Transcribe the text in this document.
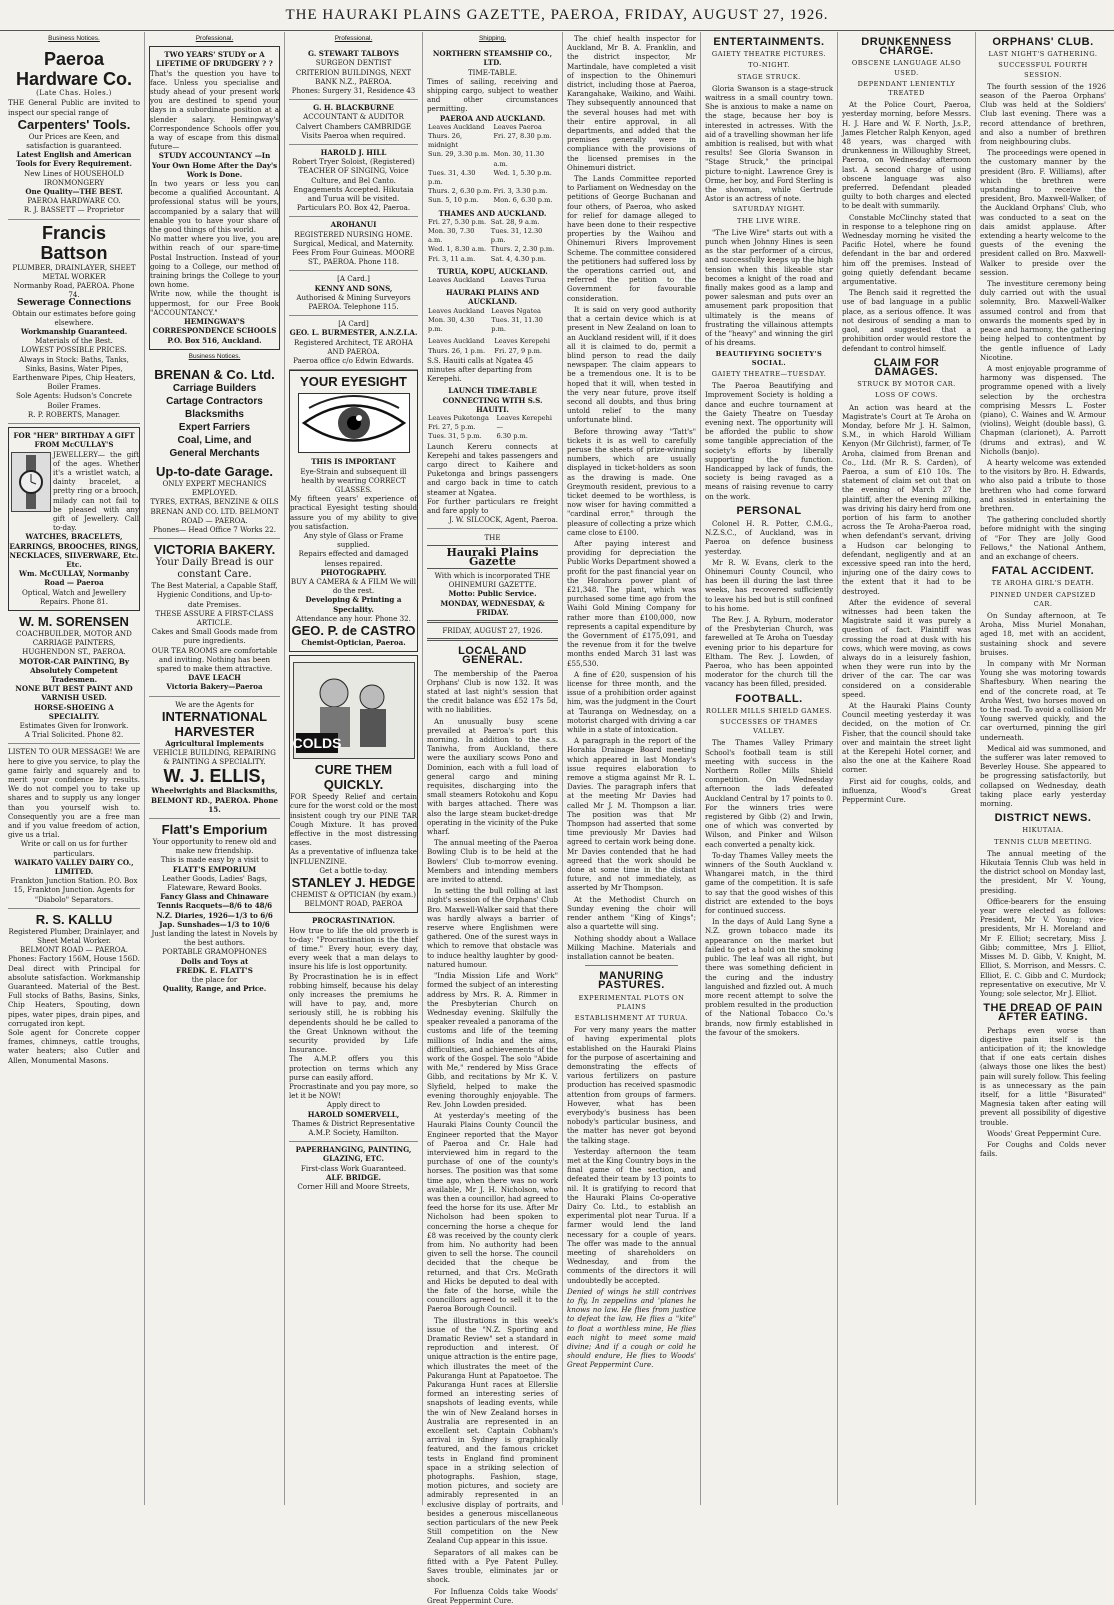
THE HAURAKI PLAINS GAZETTE, PAEROA, FRIDAY, AUGUST 27, 1926.
Business Notices.
Paeroa Hardware Co.
(Late Chas. Holes.)
THE General Public are invited to inspect our special range of
Carpenters' Tools.
Our Prices are Keen, and satisfaction is guaranteed.
Latest English and American Tools for Every Requirement.
New Lines of HOUSEHOLD IRONMONGERY
One Quality—THE BEST.
PAEROA HARDWARE CO.
R. J. BASSETT — Proprietor
Francis Battson
PLUMBER, DRAINLAYER, SHEET METAL WORKER
Normanby Road, PAEROA. Phone 74.
Sewerage Connections
Obtain our estimates before going elsewhere.
Workmanship Guaranteed.
Materials of the Best.
LOWEST POSSIBLE PRICES.
Always in Stock: Baths, Tanks, Sinks, Basins, Water Pipes, Earthenware Pipes, Chip Heaters, Boiler Frames.
Sole Agents: Hudson's Concrete Boiler Frames.
R. P. ROBERTS, Manager.
FOR "HER" BIRTHDAY A GIFT FROM McCULLAY'S
JEWELLERY— the gift of the ages. Whether it's a wristlet watch, a dainty bracelet, a pretty ring or a brooch, milady can not fail to be pleased with any gift of Jewellery. Call to-day.
WATCHES, BRACELETS, EARRINGS, BROOCHES, RINGS, NECKLACES, SILVERWARE, Etc. Etc.
Wm. McCULLAY, Normanby Road — Paeroa
Optical, Watch and Jewellery Repairs. Phone 81.
W. M. SORENSEN
COACHBUILDER, MOTOR AND CARRIAGE PAINTERS, HUGHENDON ST., PAEROA.
MOTOR-CAR PAINTING, By Absolutely Competent Tradesmen.
NONE BUT BEST PAINT AND VARNISH USED.
HORSE-SHOEING A SPECIALITY.
Estimates Given for Ironwork.
A Trial Solicited. Phone 82.
LISTEN TO OUR MESSAGE! We are here to give you service, to play the game fairly and squarely and to merit your confidence by results. We do not compel you to take up shares and to supply us any longer than you yourself wish to. Consequently you are a free man and if you value freedom of action, give us a trial.
Write or call on us for further particulars.
WAIKATO VALLEY DAIRY CO., LIMITED.
Frankton Junction Station. P.O. Box 15, Frankton Junction. Agents for "Diabolo" Separators.
R. S. KALLU
Registered Plumber, Drainlayer, and Sheet Metal Worker.
BELMONT ROAD — PAEROA. Phones: Factory 156M, House 156D.
Deal direct with Principal for absolute satisfaction. Workmanship Guaranteed. Material of the Best. Full stocks of Baths, Basins, Sinks, Chip Heaters, Spouting, down pipes, water pipes, drain pipes, and corrugated iron kept.
Sole agent for Concrete copper frames, chimneys, cattle troughs, water heaters; also Cutler and Allen, Monumental Masons.
Professional.
TWO YEARS' STUDY or A LIFETIME OF DRUDGERY ? ?
That's the question you have to face. Unless you specialise and study ahead of your present work you are destined to spend your days in a subordinate position at a slender salary. Hemingway's Correspondence Schools offer you a way of escape from this dismal future—
STUDY ACCOUNTANCY —In Your Own Home After the Day's Work is Done.
In two years or less you can become a qualified Accountant. A professional status will be yours, accompanied by a salary that will enable you to have your share of the good things of this world.
No matter where you live, you are within reach of our spare-time Postal Instruction. Instead of your going to a College, our method of training brings the College to your own home.
Write now, while the thought is uppermost, for our Free Book "ACCOUNTANCY."
HEMINGWAY'S CORRESPONDENCE SCHOOLS P.O. Box 516, Auckland.
Business Notices.
BRENAN & Co. Ltd.
Carriage Builders
Cartage Contractors
Blacksmiths
Expert Farriers
Coal, Lime, and
General Merchants
Up-to-date Garage.
ONLY EXPERT MECHANICS EMPLOYED.
TYRES, EXTRAS, BENZINE & OILS
BRENAN AND CO. LTD. BELMONT ROAD — PAEROA.
Phones— Head Office 7 Works 22.
VICTORIA BAKERY.
Your Daily Bread is our constant Care.
The Best Material, a Capable Staff, Hygienic Conditions, and Up-to-date Premises.
THESE ASSURE A FIRST-CLASS ARTICLE.
Cakes and Small Goods made from pure ingredients.
OUR TEA ROOMS are comfortable and inviting. Nothing has been spared to make them attractive.
DAVE LEACH
Victoria Bakery—Paeroa
We are the Agents for
INTERNATIONAL HARVESTER
Agricultural Implements
VEHICLE BUILDING, REPAIRING & PAINTING A SPECIALITY.
W. J. ELLIS,
Wheelwrights and Blacksmiths,
BELMONT RD., PAEROA. Phone 15.
Flatt's Emporium
Your opportunity to renew old and make new friendship.
This is made easy by a visit to
FLATT'S EMPORIUM
Leather Goods, Ladies' Bags, Flateware, Reward Books.
Fancy Glass and Chinaware
Tennis Racquets—8/6 to 48/6
N.Z. Diaries, 1926—1/3 to 6/6
Jap. Sunshades—1/3 to 10/6
Just landing the latest in Novels by the best authors.
PORTABLE GRAMOPHONES
Dolls and Toys at
FREDK. E. FLATT'S
the place for
Quality, Range, and Price.
Professional.
G. STEWART TALBOYS
SURGEON DENTIST
CRITERION BUILDINGS, NEXT BANK N.Z., PAEROA.
Phones: Surgery 31, Residence 43
G. H. BLACKBURNE
ACCOUNTANT & AUDITOR
Calvert Chambers CAMBRIDGE
Visits Paeroa when required.
HAROLD J. HILL
Robert Tryer Soloist, (Registered)
TEACHER OF SINGING, Voice Culture, and Bel Canto.
Engagements Accepted. Hikutaia and Turua will be visited. Particulars P.O. Box 42, Paeroa.
AROHANUI
REGISTERED NURSING HOME. Surgical, Medical, and Maternity. Fees From Four Guineas. MOORE ST., PAEROA. Phone 118.
[A Card.]
KENNY AND SONS,
Authorised & Mining Surveyors PAEROA. Telephone 115.
[A Card]
GEO. L. BURMESTER, A.N.Z.I.A.
Registered Architect, TE AROHA AND PAEROA.
Paeroa office c/o Edwin Edwards.
YOUR EYESIGHT
THIS IS IMPORTANT
Eye-Strain and subsequent ill health by wearing CORRECT GLASSES.
My fifteen years' experience of practical Eyesight testing should assure you of my ability to give you satisfaction.
Any style of Glass or Frame supplied.
Repairs effected and damaged lenses repaired.
PHOTOGRAPHY.
BUY A CAMERA & A FILM We will do the rest.
Developing & Printing a Speciality.
Attendance any hour. Phone 32.
GEO. P. de CASTRO
Chemist-Optician, Paeroa.
COLDS
CURE THEM QUICKLY.
FOR Speedy Relief and certain cure for the worst cold or the most insistent cough try our PINE TAR Cough Mixture. It has proved effective in the most distressing cases.
As a preventative of influenza take INFLUENZINE.
Get a bottle to-day.
STANLEY J. HEDGE
CHEMIST & OPTICIAN (by exam.)
BELMONT ROAD, PAEROA
PROCRASTINATION.
How true to life the old proverb is to-day: "Procrastination is the thief of time." Every hour, every day, every week that a man delays to insure his life is lost opportunity.
By Procrastination he is in effect robbing himself, because his delay only increases the premiums he will have to pay, and, more seriously still, he is robbing his dependents should he be called to the Great Unknown without the security provided by Life Insurance.
The A.M.P. offers you this protection on terms which any purse can easily afford.
Procrastinate and you pay more, so let it be NOW!
Apply direct to
HAROLD SOMERVELL,
Thames & District Representative A.M.P. Society, Hamilton.
PAPERHANGING, PAINTING, GLAZING, ETC.
First-class Work Guaranteed.
ALF. BRIDGE.
Corner Hill and Moore Streets,
Shipping.
NORTHERN STEAMSHIP CO., LTD.
TIME-TABLE.
Times of sailing, receiving and shipping cargo, subject to weather and other circumstances permitting.
PAEROA AND AUCKLAND.
Leaves Auckland	Leaves Paeroa
Thurs. 26, midnight	Fri. 27, 8.30 p.m.
Sun. 29, 3.30 p.m.	Mon. 30, 11.30 a.m.
Tues. 31, 4.30 p.m.	Wed. 1, 5.30 p.m.
Thurs. 2, 6.30 p.m.	Fri. 3, 3.30 p.m.
Sun. 5, 10 p.m.	Mon. 6, 6.30 p.m.
THAMES AND AUCKLAND.
Fri. 27, 5.30 p.m.	Sat. 28, 9 a.m.
Mon. 30, 7.30 a.m.	Tues. 31, 12.30 p.m.
Wed. 1, 8.30 a.m.	Thurs. 2, 2.30 p.m.
Fri. 3, 11 a.m.	Sat. 4, 4.30 p.m.
TURUA, KOPU, AUCKLAND.
Leaves Auckland	Leaves Turua
HAURAKI PLAINS AND AUCKLAND.
Leaves Auckland	Leaves Ngatea
Mon. 30, 4.30 p.m.	Tues. 31, 11.30 p.m.
Leaves Auckland	Leaves Kerepehi
Thurs. 26, 1 p.m.	Fri. 27, 9 p.m.
S.S. Hauiti calls at Ngatea 45 minutes after departing from Kerepehi.
LAUNCH TIME-TABLE CONNECTING WITH S.S. HAUITI.
Leaves Puketonga	Leaves Kerepehi
Fri. 27, 5 p.m.	—
Tues. 31, 5 p.m.	6.30 p.m.
Launch Kereru connects at Kerepehi and takes passengers and cargo direct to Kaihere and Puketonga and brings passengers and cargo back in time to catch steamer at Ngatea.
For further particulars re freight and fare apply to
J. W. SILCOCK, Agent, Paeroa.
THE
Hauraki Plains Gazette
With which is incorporated THE OHINEMURI GAZETTE.
Motto: Public Service.
MONDAY, WEDNESDAY, & FRIDAY.
FRIDAY, AUGUST 27, 1926.
LOCAL AND GENERAL.

The membership of the Paeroa Orphans' Club is now 132. It was stated at last night's session that the credit balance was £52 17s 5d, with no liabilities.

An unusually busy scene prevailed at Paeroa's port this morning. In addition to the s.s. Taniwha, from Auckland, there were the auxiliary scows Pono and Dominion, each with a full load of general cargo and mining requisites, discharging into the small steamers Rotokohu and Kopu with barges attached. There was also the large steam bucket-dredge operating in the vicinity of the Puke wharf.

The annual meeting of the Paeroa Bowling Club is to be held at the Bowlers' Club to-morrow evening. Members and intending members are invited to attend.

In setting the bull rolling at last night's session of the Orphans' Club Bro. Maxwell-Walker said that there was hardly always a barrier of reserve where Englishmen were gathered. One of the surest ways in which to remove that obstacle was to induce healthy laughter by good-natured humour.

"India Mission Life and Work" formed the subject of an interesting address by Mrs. R. A. Rimmer in the Presbyterian Church on Wednesday evening. Skilfully the speaker revealed a panorama of the customs and life of the teeming millions of India and the aims, difficulties, and achievements of the work of the Gospel. The solo "Abide with Me," rendered by Miss Grace Gibb, and recitations by Mr K. V. Slyfield, helped to make the evening thoroughly enjoyable. The Rev. John Lowden presided.

At yesterday's meeting of the Hauraki Plains County Council the Engineer reported that the Mayor of Paeroa and Cr. Hale had interviewed him in regard to the purchase of one of the county's horses. The position was that some time ago, when there was no work available, Mr J. H. Nicholson, who was then a councillor, had agreed to feed the horse for its use. After Mr Nicholson had been spoken to concerning the horse a cheque for £8 was received by the county clerk from him. No authority had been given to sell the horse. The council decided that the cheque be returned, and that Crs. McGrath and Hicks be deputed to deal with the fate of the horse, while the councillors agreed to sell it to the Paeroa Borough Council.

The illustrations in this week's issue of the "N.Z. Sporting and Dramatic Review" set a standard in reproduction and interest. Of unique attraction is the entire page, which illustrates the meet of the Pakuranga Hunt at Papatoetoe. The Pakuranga Hunt races at Ellerslie formed an interesting series of snapshots of leading events, while the win of New Zealand horses in Australia are represented in an excellent set. Captain Cobham's arrival in Sydney is graphically featured, and the famous cricket tests in England find prominent space in a striking selection of photographs. Fashion, stage, motion pictures, and society are admirably represented in an exclusive display of portraits, and besides a generous miscellaneous section particulars of the new Peek Still competition on the New Zealand Cup appear in this issue.

Separators of all makes can be fitted with a Pye Patent Pulley. Saves trouble, eliminates jar or shock.

For Influenza Colds take Woods' Great Peppermint Cure.

The chief health inspector for Auckland, Mr B. A. Franklin, and the district inspector, Mr Martindale, have completed a visit of inspection to the Ohinemuri district, including those at Paeroa, Karangahake, Waikino, and Waihi. They subsequently announced that the several houses had met with their entire approval, in all departments, and added that the premises generally were in compliance with the provisions of the licensed premises in the Ohinemuri district.

The Lands Committee reported to Parliament on Wednesday on the petitions of George Buchanan and four others, of Paeroa, who asked for relief for damage alleged to have been done to their respective properties by the Waihou and Ohinemuri Rivers Improvement Scheme. The committee considered the petitioners had suffered loss by the operations carried out, and referred the petition to the Government for favourable consideration.

It is said on very good authority that a certain device which is at present in New Zealand on loan to an Auckland resident will, if it does all it is claimed to do, permit a blind person to read the daily newspaper. The claim appears to be a tremendous one. It is to be hoped that it will, when tested in the very near future, prove itself second all doubts, and thus bring untold relief to the many unfortunate blind.

Before throwing away "Tatt's" tickets it is as well to carefully peruse the sheets of prize-winning numbers, which are usually displayed in ticket-holders as soon as the drawing is made. One Greymouth resident, previous to a ticket deemed to be worthless, is now wiser for having committed a "cardinal error," through the pleasure of collecting a prize which came close to £100.

After paying interest and providing for depreciation the Public Works Department showed a profit for the past financial year on the Horahora power plant of £21,348. The plant, which was purchased some time ago from the Waihi Gold Mining Company for rather more than £100,000, now represents a capital expenditure by the Government of £175,091, and the revenue from it for the twelve months ended March 31 last was £55,530.

A fine of £20, suspension of his license for three month, and the issue of a prohibition order against him, was the judgment in the Court at Tauranga on Wednesday, on a motorist charged with driving a car while in a state of intoxication.

A paragraph in the report of the Horahia Drainage Board meeting which appeared in last Monday's issue requires elaboration to remove a stigma against Mr R. L. Davies. The paragraph infers that at the meeting Mr Davies had called Mr J. M. Thompson a liar. The position was that Mr Thompson had asserted that some time previously Mr Davies had agreed to certain work being done. Mr Davies contended that he had agreed that the work should be done at some time in the distant future, and not immediately, as asserted by Mr Thompson.

At the Methodist Church on Sunday evening the choir will render anthem "King of Kings"; also a quartette will sing.

Nothing shoddy about a Wallace Milking Machine. Materials and installation cannot be beaten.

MANURING PASTURES.
EXPERIMENTAL PLOTS ON PLAINS
ESTABLISHMENT AT TURUA.

For very many years the matter of having experimental plots established on the Hauraki Plains for the purpose of ascertaining and demonstrating the effects of various fertilizers on pasture production has received spasmodic attention from groups of farmers. However, what has been everybody's business has been nobody's particular business, and the matter has never got beyond the talking stage.

Yesterday afternoon the team met at the King Country boys in the final game of the section, and defeated their team by 13 points to nil. It is gratifying to record that the Hauraki Plains Co-operative Dairy Co. Ltd., to establish an experimental plot near Turua. If a farmer would lend the land necessary for a couple of years. The offer was made to the annual meeting of shareholders on Wednesday, and from the comments of the directors it will undoubtedly be accepted.

Denied of wings he still contrives to fly, In zeppelins and 'planes he knows no law. He flies from justice to defeat the law, He flies a "kite" to float a worthless mine, He flies each night to meet some maid divine; And if a cough or cold he should endure, He flies to Woods' Great Peppermint Cure.

ENTERTAINMENTS.
GAIETY THEATRE PICTURES.
TO-NIGHT.
STAGE STRUCK.

Gloria Swanson is a stage-struck waitress in a small country town. She is anxious to make a name on the stage, because her boy is interested in actresses. With the aid of a travelling showman her life ambition is realised, but with what results! See Gloria Swanson in "Stage Struck," the principal picture to-night. Lawrence Grey is Orme, her boy, and Ford Sterling is the showman, while Gertrude Astor is an actress of note.

SATURDAY NIGHT.
THE LIVE WIRE.

"The Live Wire" starts out with a punch when Johnny Hines is seen as the star performer of a circus, and successfully keeps up the high tension when this likeable star becomes a knight of the road and finally makes good as a lamp and power salesman and puts over an amusement park proposition that ultimately is the means of frustrating the villainous attempts of the "heavy" and winning the girl of his dreams.

BEAUTIFYING SOCIETY'S SOCIAL.
GAIETY THEATRE—TUESDAY.

The Paeroa Beautifying and Improvement Society is holding a dance and euchre tournament at the Gaiety Theatre on Tuesday evening next. The opportunity will be afforded the public to show some tangible appreciation of the society's efforts by liberally supporting the function. Handicapped by lack of funds, the society is being ravaged as a means of raising revenue to carry on the work.

PERSONAL

Colonel H. R. Potter, C.M.G., N.Z.S.C., of Auckland, was in Paeroa on defence business yesterday.

Mr R. W. Evans, clerk to the Ohinemuri County Council, who has been ill during the last three weeks, has recovered sufficiently to leave his bed but is still confined to his home.

The Rev. J. A. Ryburn, moderator of the Presbyterian Church, was farewelled at Te Aroha on Tuesday evening prior to his departure for Eltham. The Rev. J. Lowden, of Paeroa, who has been appointed moderator for the church till the vacancy has been filled, presided.

FOOTBALL.
ROLLER MILLS SHIELD GAMES.
SUCCESSES OF THAMES VALLEY.

The Thames Valley Primary School's football team is still meeting with success in the Northern Roller Mills Shield competition. On Wednesday afternoon the lads defeated Auckland Central by 17 points to 0. For the winners tries were registered by Gibb (2) and Irwin, one of which was converted by Wilson, and Pinker and Wilson each converted a penalty kick.

To-day Thames Valley meets the winners of the South Auckland v. Whangarei match, in the third game of the competition. It is safe to say that the good wishes of this district are extended to the boys for continued success.

In the days of Auld Lang Syne a N.Z. grown tobacco made its appearance on the market but failed to get a hold on the smoking public. The leaf was all right, but there was something deficient in the curing and the industry languished and fizzled out. A much more recent attempt to solve the problem resulted in the production of the National Tobacco Co.'s brands, now firmly established in the favour of the smokers.

DRUNKENNESS CHARGE.
OBSCENE LANGUAGE ALSO USED.
DEPENDANT LENIENTLY TREATED

At the Police Court, Paeroa, yesterday morning, before Messrs. H. J. Hare and W. F. North, J.s.P., James Fletcher Ralph Kenyon, aged 48 years, was charged with drunkenness in Willoughby Street, Paeroa, on Wednesday afternoon last. A second charge of using obscene language was also preferred. Defendant pleaded guilty to both charges and elected to be dealt with summarily.

Constable McClinchy stated that in response to a telephone ring on Wednesday morning he visited the Pacific Hotel, where he found defendant in the bar and ordered him off the premises. Instead of going quietly defendant became argumentative.

The Bench said it regretted the use of bad language in a public place, as a serious offence. It was not desirous of sending a man to gaol, and suggested that a prohibition order would restore the defendant to control himself.

CLAIM FOR DAMAGES.
STRUCK BY MOTOR CAR.
LOSS OF COWS.

An action was heard at the Magistrate's Court at Te Aroha on Monday, before Mr J. H. Salmon, S.M., in which Harold William Kenyon (Mr Gilchrist), farmer, of Te Aroha, claimed from Brenan and Co., Ltd. (Mr R. S. Carden), of Paeroa, a sum of £10 10s. The statement of claim set out that on the evening of March 27 the plaintiff, after the evening milking, was driving his dairy herd from one portion of his farm to another across the Te Aroha-Paeroa road, when defendant's servant, driving a Hudson car belonging to defendant, negligently and at an excessive speed ran into the herd, injuring one of the dairy cows to the extent that it had to be destroyed.

After the evidence of several witnesses had been taken the Magistrate said it was purely a question of fact. Plaintiff was crossing the road at dusk with his cows, which were moving, as cows always do in a leisurely fashion, when they were run into by the driver of the car. The car was considered on a considerable speed.

At the Hauraki Plains County Council meeting yesterday it was decided, on the motion of Cr. Fisher, that the council should take over and maintain the street light at the Kerepehi Hotel corner, and also the one at the Kaihere Road corner.

First aid for coughs, colds, and influenza, Wood's Great Peppermint Cure.

ORPHANS' CLUB.
LAST NIGHT'S GATHERING.
SUCCESSFUL FOURTH SESSION.

The fourth session of the 1926 season of the Paeroa Orphans' Club was held at the Soldiers' Club last evening. There was a record attendance of brethren, and also a number of brethren from neighbouring clubs.

The proceedings were opened in the customary manner by the president (Bro. F. Williams), after which the brethren were upstanding to receive the president, Bro. Maxwell-Walker, of the Auckland Orphans' Club, who was conducted to a seat on the dais amidst applause. After extending a hearty welcome to the guests of the evening the president called on Bro. Maxwell-Walker to preside over the session.

The investiture ceremony being duly carried out with the usual solemnity, Bro. Maxwell-Walker assumed control and from that onwards the moments sped by in peace and harmony, the gathering being helped to contentment by the gentle influence of Lady Nicotine.

A most enjoyable programme of harmony was dispensed. The programme opened with a lively selection by the orchestra comprising Messrs L. Foster (piano), C. Waines and W. Armour (violins), Weight (double bass), G. Chapman (clarionet), A. Parrott (drums and extras), and W. Nicholls (banjo).

A hearty welcome was extended to the visitors by Bro. H. Edwards, who also paid a tribute to those brethren who had come forward and assisted in entertaining the brethren.

The gathering concluded shortly before midnight with the singing of "For They are Jolly Good Fellows," the National Anthem, and an exchange of cheers.

FATAL ACCIDENT.
TE AROHA GIRL'S DEATH.
PINNED UNDER CAPSIZED CAR.

On Sunday afternoon, at Te Aroha, Miss Muriel Monahan, aged 18, met with an accident, sustaining shock and severe bruises.

In company with Mr Norman Young she was motoring towards Shaftesbury. When nearing the end of the concrete road, at Te Aroha West, two horses moved on to the road. To avoid a collision Mr Young swerved quickly, and the car overturned, pinning the girl underneath.

Medical aid was summoned, and the sufferer was later removed to Beverley House. She appeared to be progressing satisfactorily, but collapsed on Wednesday, death taking place early yesterday morning.

DISTRICT NEWS.
HIKUTAIA.
TENNIS CLUB MEETING.

The annual meeting of the Hikutaia Tennis Club was held in the district school on Monday last, the president, Mr V. Young, presiding.

Office-bearers for the ensuing year were elected as follows: President, Mr V. Young; vice-presidents, Mr H. Moreland and Mr F. Elliot; secretary, Miss J. Gibb; committee, Mrs J. Elliot, Misses M. D. Gibb, V. Knight, M. Elliot, S. Morrison, and Messrs. C. Elliot, E. C. Gibb and C. Murdock; representative on executive, Mr V. Young; sole selector, Mr J. Elliot.

THE DREAD OF PAIN AFTER EATING.

Perhaps even worse than digestive pain itself is the anticipation of it; the knowledge that if one eats certain dishes (always those one likes the best) pain will surely follow. This feeling is as unnecessary as the pain itself, for a little "Bisurated" Magnesia taken after eating will prevent all possibility of digestive trouble.

Woods' Great Peppermint Cure.

For Coughs and Colds never fails.
